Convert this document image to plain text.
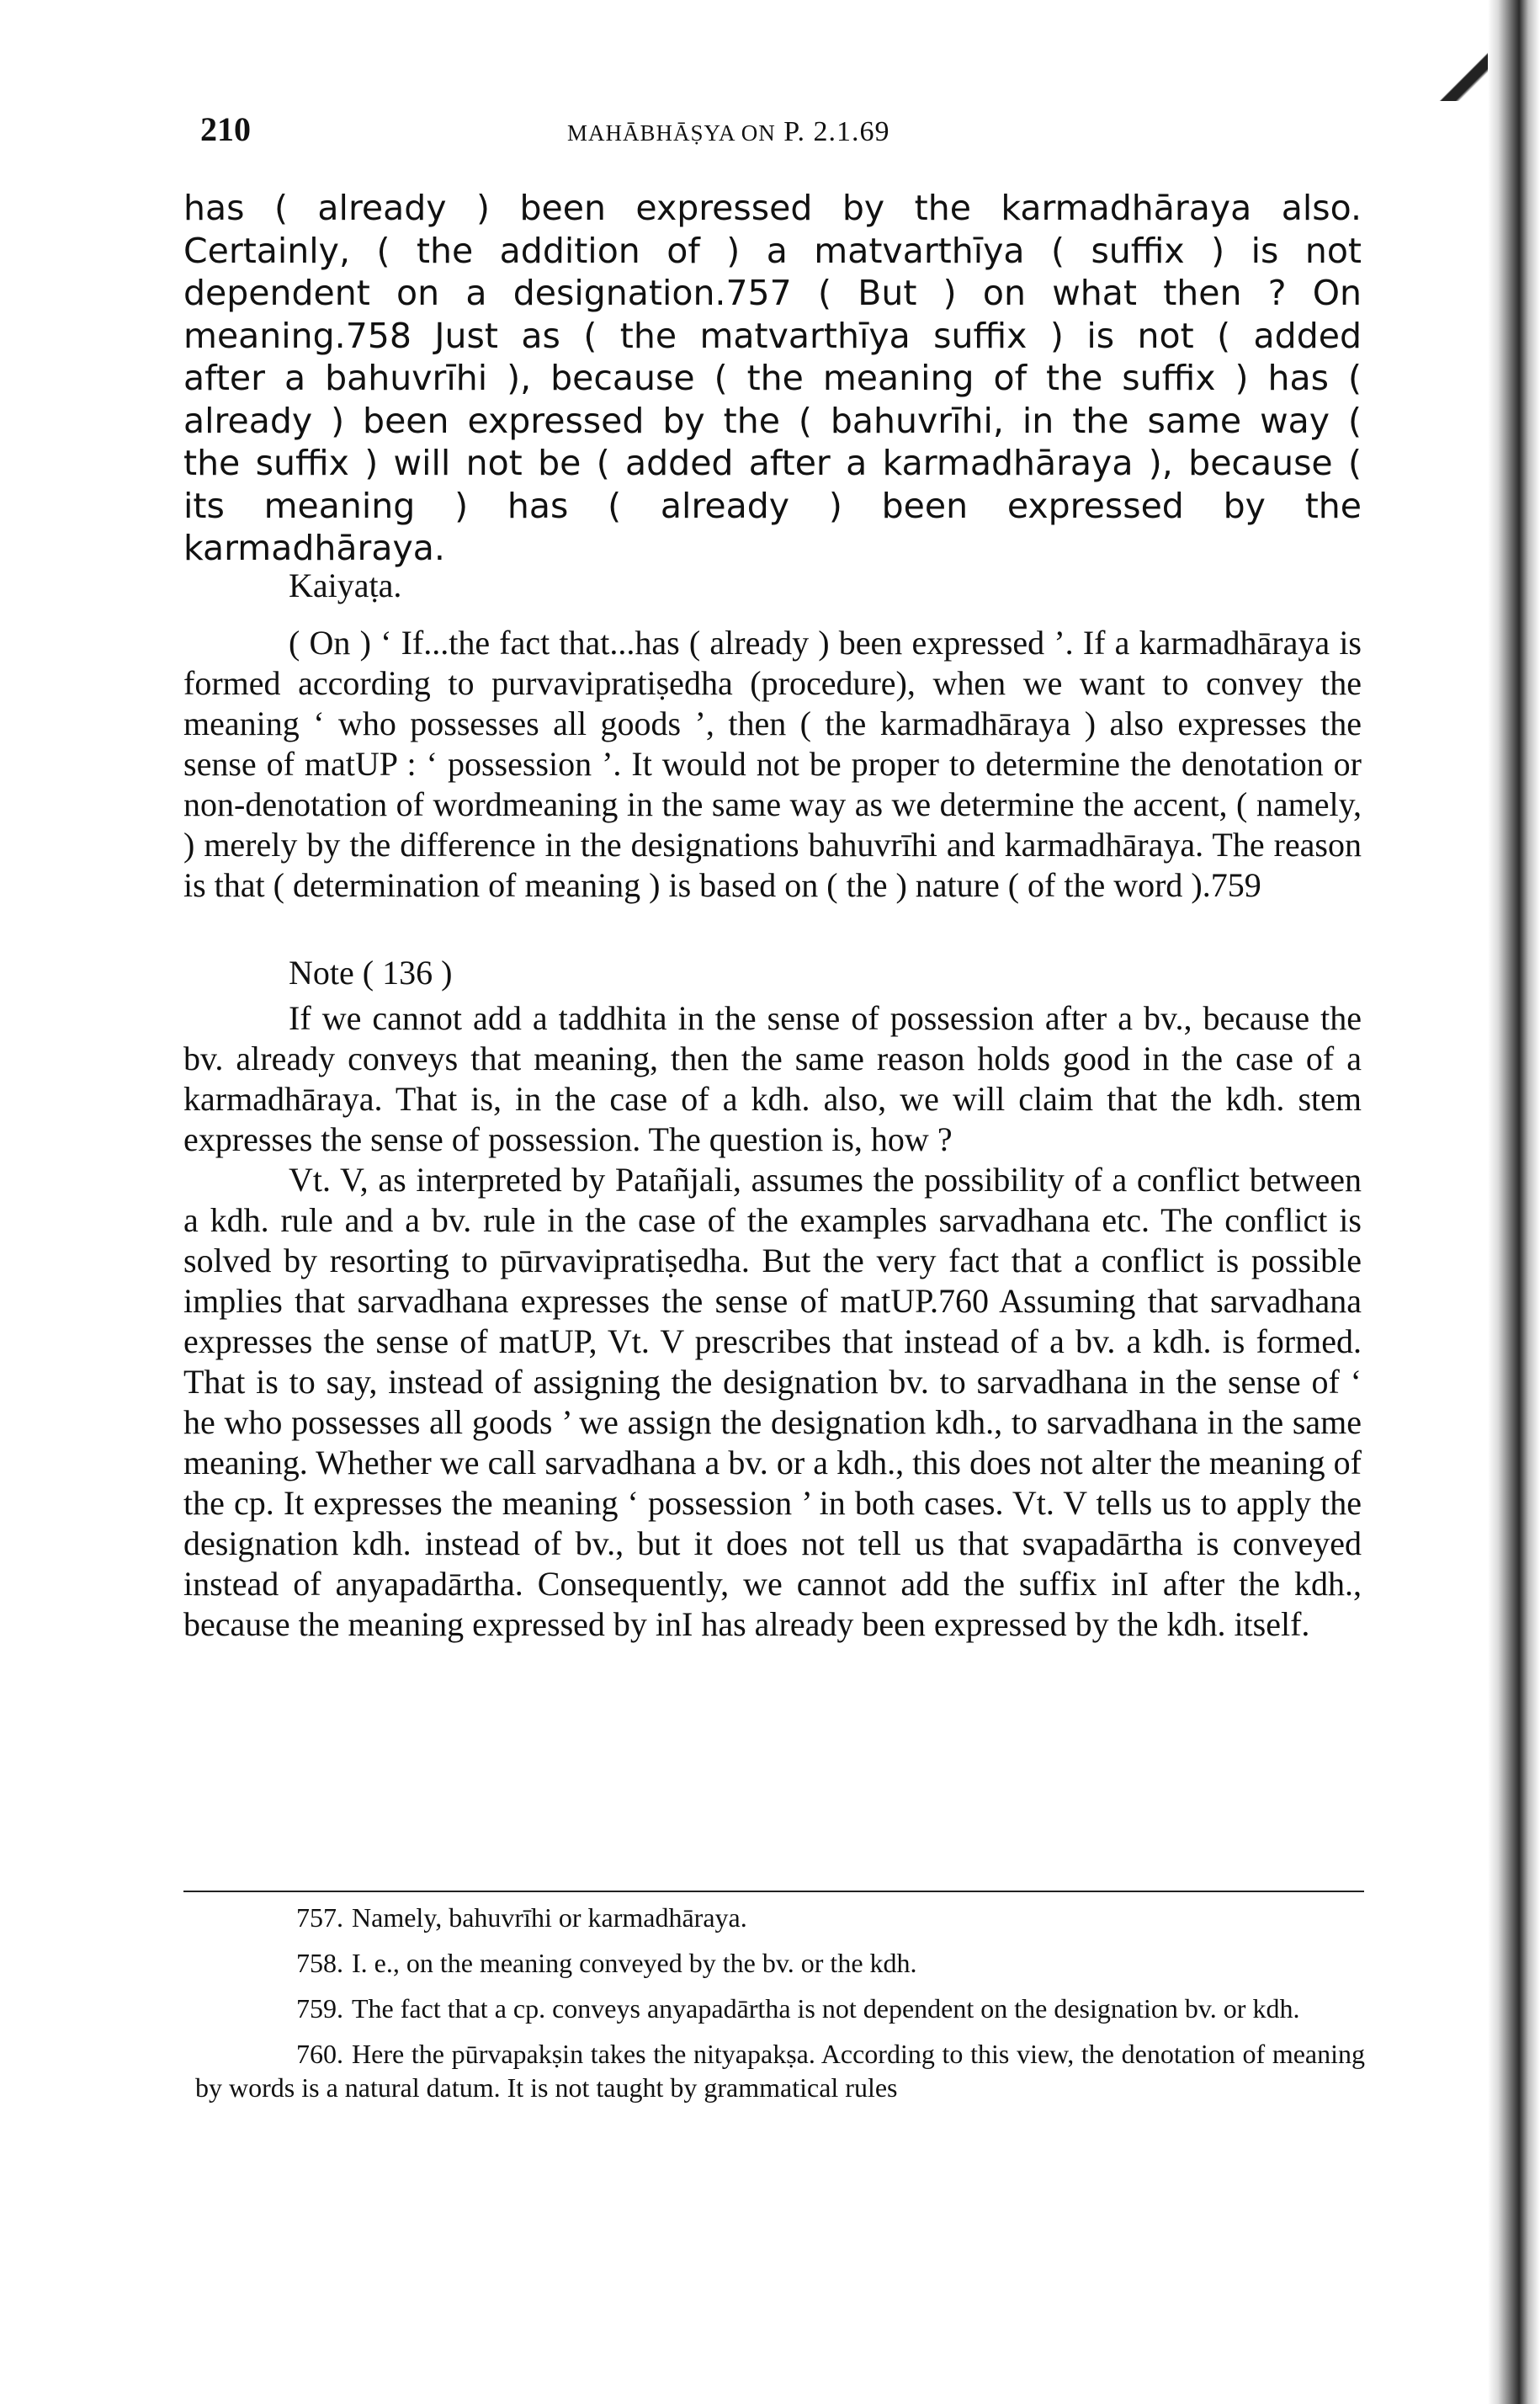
210	MAHĀBHĀṢYA ON P. 2.1.69

has ( already ) been expressed by the karmadhāraya also. Certainly, ( the addition of ) a matvarthīya ( suffix ) is not dependent on a designation.757 ( But ) on what then ? On meaning.758 Just as ( the matvarthīya suffix ) is not ( added after a bahuvrīhi ), because ( the meaning of the suffix ) has ( already ) been expressed by the ( bahuvrīhi, in the same way ( the suffix ) will not be ( added after a karmadhāraya ), because ( its meaning ) has ( already ) been expressed by the karmadhāraya.

Kaiyaṭa.

( On ) ‘ If...the fact that...has ( already ) been expressed ’. If a karmadhāraya is formed according to purvavipratiṣedha (procedure), when we want to convey the meaning ‘ who possesses all goods ’, then ( the karmadhāraya ) also expresses the sense of matUP : ‘ possession ’. It would not be proper to determine the denotation or non-denotation of wordmeaning in the same way as we determine the accent, ( namely, ) merely by the difference in the designations bahuvrīhi and karmadhāraya. The reason is that ( determination of meaning ) is based on ( the ) nature ( of the word ).759

Note ( 136 )

If we cannot add a taddhita in the sense of possession after a bv., because the bv. already conveys that meaning, then the same reason holds good in the case of a karmadhāraya. That is, in the case of a kdh. also, we will claim that the kdh. stem expresses the sense of possession. The question is, how ?

Vt. V, as interpreted by Patañjali, assumes the possibility of a conflict between a kdh. rule and a bv. rule in the case of the examples sarvadhana etc. The conflict is solved by resorting to pūrvavipratiṣedha. But the very fact that a conflict is possible implies that sarvadhana expresses the sense of matUP.760 Assuming that sarvadhana expresses the sense of matUP, Vt. V prescribes that instead of a bv. a kdh. is formed. That is to say, instead of assigning the designation bv. to sarvadhana in the sense of ‘ he who possesses all goods ’ we assign the designation kdh., to sarvadhana in the same meaning. Whether we call sarvadhana a bv. or a kdh., this does not alter the meaning of the cp. It expresses the meaning ‘ possession ’ in both cases. Vt. V tells us to apply the designation kdh. instead of bv., but it does not tell us that svapadārtha is conveyed instead of anyapadārtha. Consequently, we cannot add the suffix inI after the kdh., because the meaning expressed by inI has already been expressed by the kdh. itself.

757. Namely, bahuvrīhi or karmadhāraya.

758. I. e., on the meaning conveyed by the bv. or the kdh.

759. The fact that a cp. conveys anyapadārtha is not dependent on the designation bv. or kdh.

760. Here the pūrvapakṣin takes the nityapakṣa. According to this view, the denotation of meaning by words is a natural datum. It is not taught by grammatical rules
